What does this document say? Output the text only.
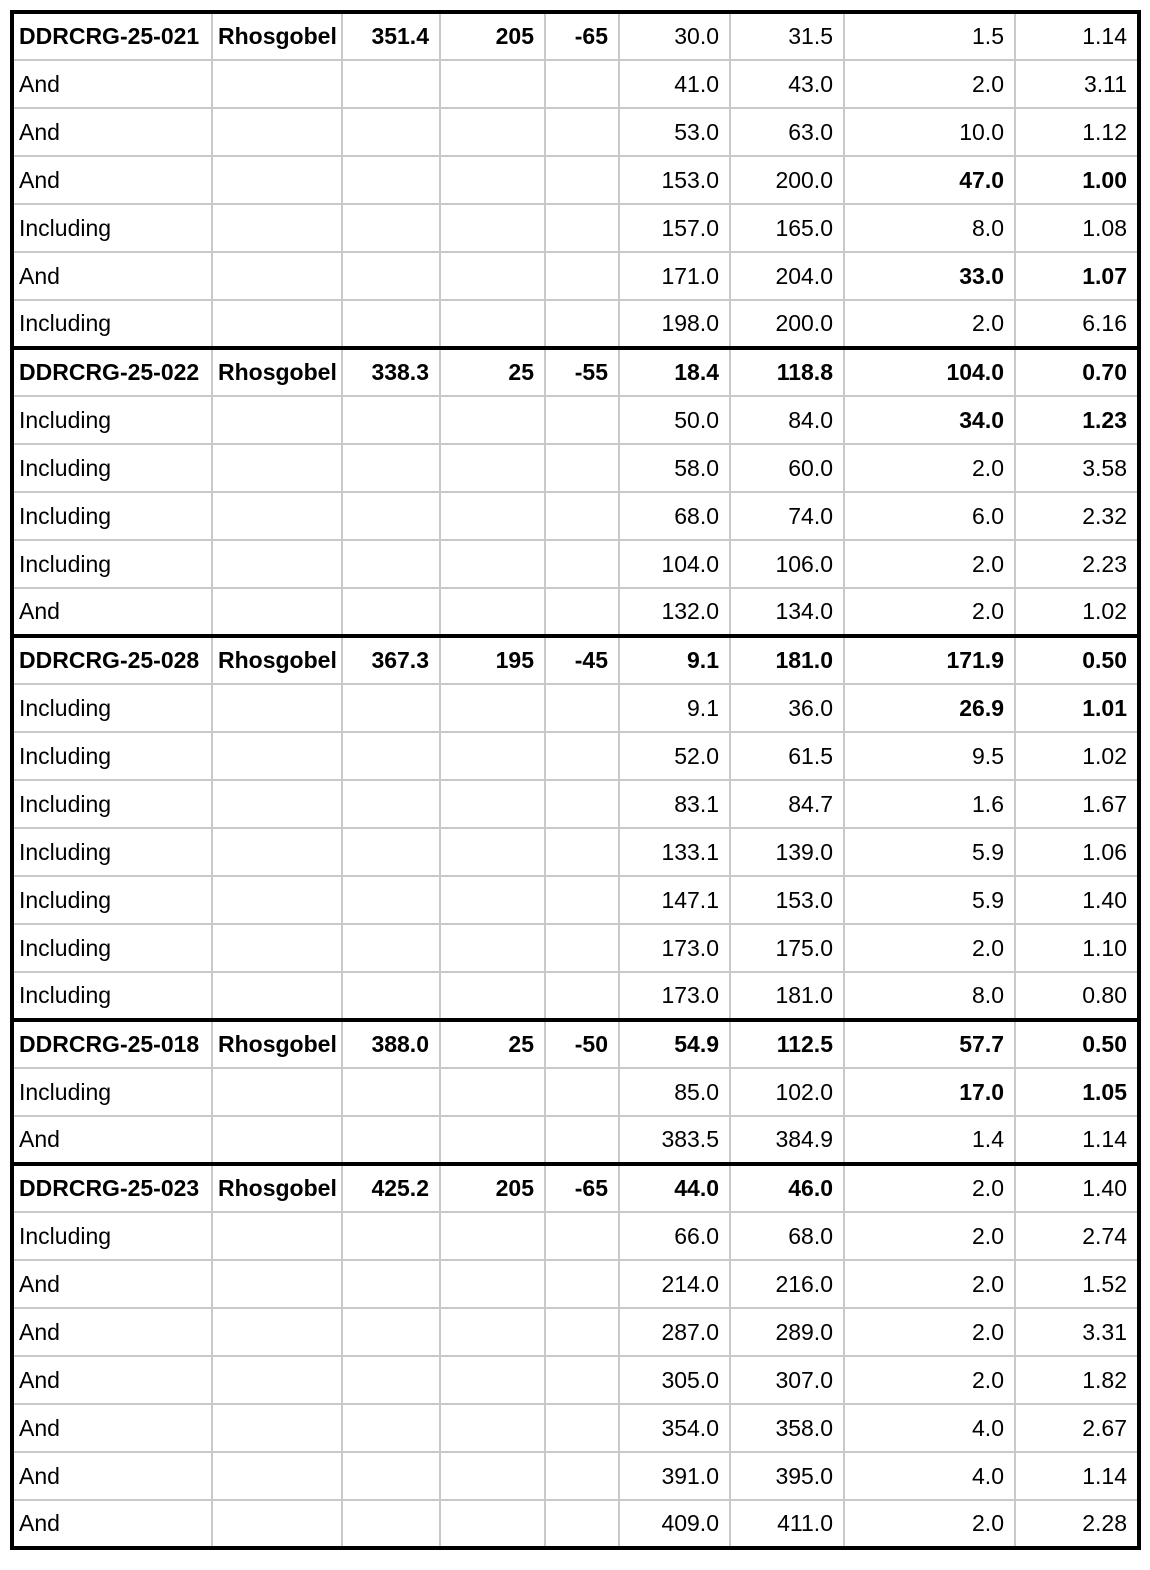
DDRCRG-25-021	Rhosgobel	351.4	205	-65	30.0	31.5	1.5	1.14
And					41.0	43.0	2.0	3.11
And					53.0	63.0	10.0	1.12
And					153.0	200.0	47.0	1.00
Including					157.0	165.0	8.0	1.08
And					171.0	204.0	33.0	1.07
Including					198.0	200.0	2.0	6.16
DDRCRG-25-022	Rhosgobel	338.3	25	-55	18.4	118.8	104.0	0.70
Including					50.0	84.0	34.0	1.23
Including					58.0	60.0	2.0	3.58
Including					68.0	74.0	6.0	2.32
Including					104.0	106.0	2.0	2.23
And					132.0	134.0	2.0	1.02
DDRCRG-25-028	Rhosgobel	367.3	195	-45	9.1	181.0	171.9	0.50
Including					9.1	36.0	26.9	1.01
Including					52.0	61.5	9.5	1.02
Including					83.1	84.7	1.6	1.67
Including					133.1	139.0	5.9	1.06
Including					147.1	153.0	5.9	1.40
Including					173.0	175.0	2.0	1.10
Including					173.0	181.0	8.0	0.80
DDRCRG-25-018	Rhosgobel	388.0	25	-50	54.9	112.5	57.7	0.50
Including					85.0	102.0	17.0	1.05
And					383.5	384.9	1.4	1.14
DDRCRG-25-023	Rhosgobel	425.2	205	-65	44.0	46.0	2.0	1.40
Including					66.0	68.0	2.0	2.74
And					214.0	216.0	2.0	1.52
And					287.0	289.0	2.0	3.31
And					305.0	307.0	2.0	1.82
And					354.0	358.0	4.0	2.67
And					391.0	395.0	4.0	1.14
And					409.0	411.0	2.0	2.28
